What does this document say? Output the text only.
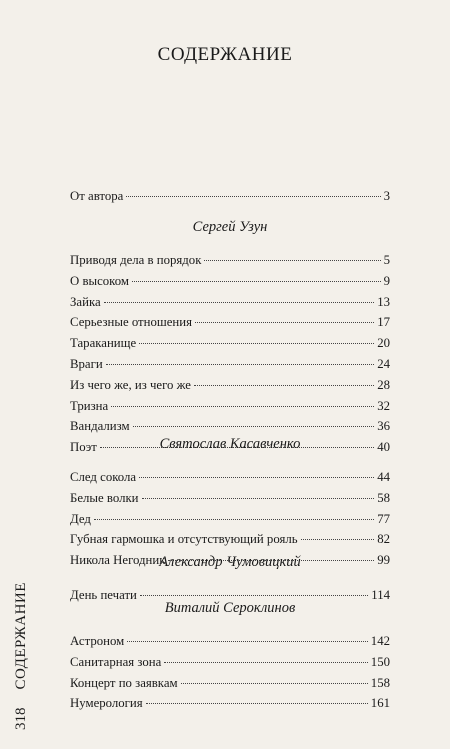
СОДЕРЖАНИЕ
От автора	3
Сергей Узун
Приводя дела в порядок	5
О высоком	9
Зайка	13
Серьезные отношения	17
Тараканище	20
Враги	24
Из чего же, из чего же	28
Тризна	32
Вандализм	36
Поэт	40
Святослав Касавченко
След сокола	44
Белые волки	58
Дед	77
Губная гармошка и отсутствующий рояль	82
Никола Негодник	99
Александр Чумовицкий
День печати	114
Виталий Сероклинов
Астроном	142
Санитарная зона	150
Концерт по заявкам	158
Нумерология	161
318СОДЕРЖАНИЕ
